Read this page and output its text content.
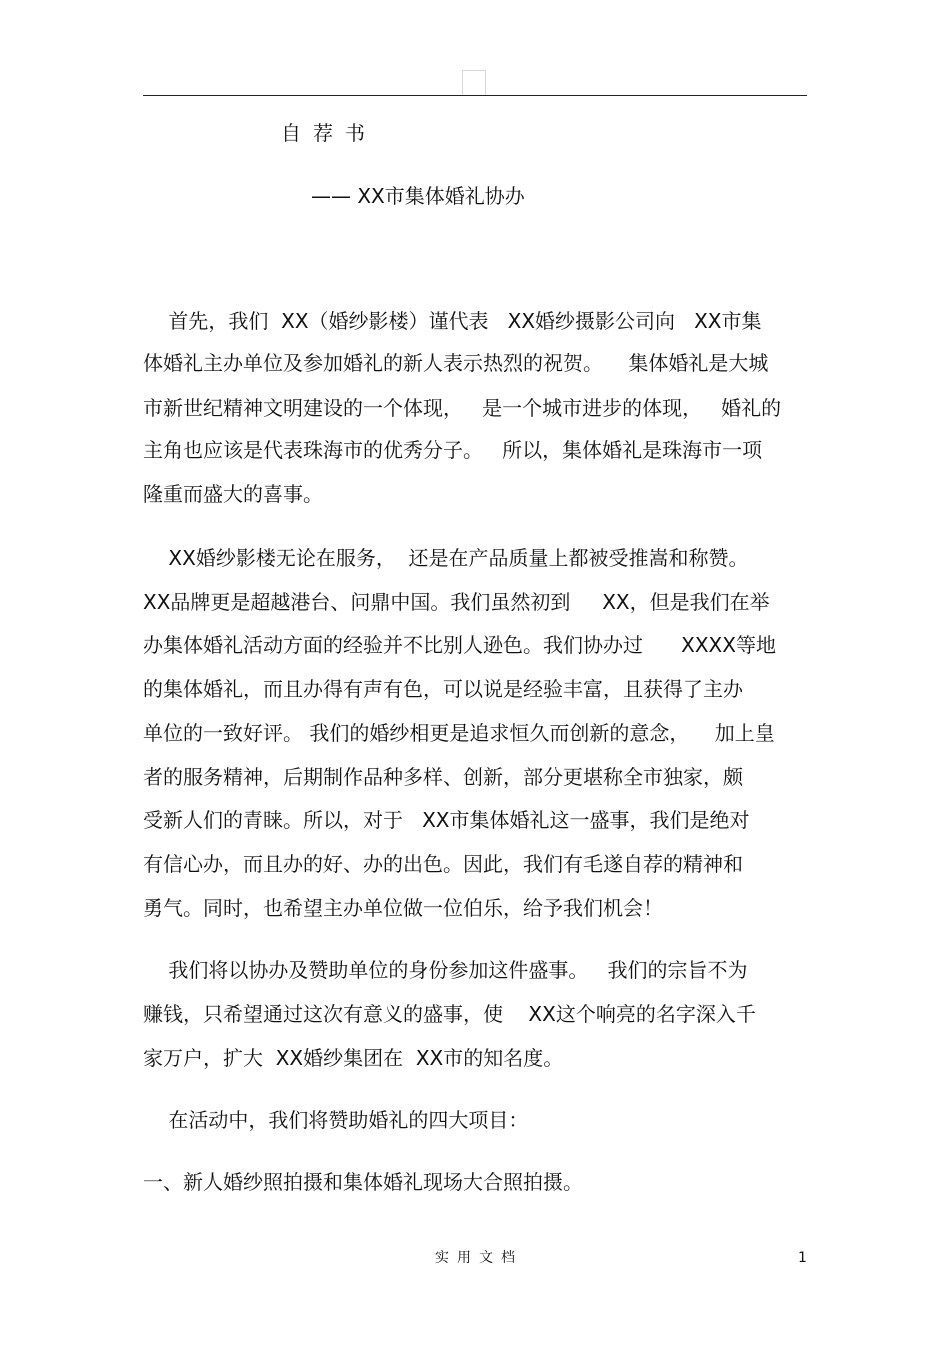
自荐书
—— XX市集体婚礼协办
首先，我们  XX（婚纱影楼）谨代表   XX婚纱摄影公司向   XX市集
体婚礼主办单位及参加婚礼的新人表示热烈的祝贺。    集体婚礼是大城
市新世纪精神文明建设的一个体现，   是一个城市进步的体现，   婚礼的
主角也应该是代表珠海市的优秀分子。   所以，集体婚礼是珠海市一项
隆重而盛大的喜事。
XX婚纱影楼无论在服务，  还是在产品质量上都被受推嵩和称赞。
XX品牌更是超越港台、问鼎中国。我们虽然初到     XX，但是我们在举
办集体婚礼活动方面的经验并不比别人逊色。我们协办过      XXXX等地
的集体婚礼，而且办得有声有色，可以说是经验丰富，且获得了主办
单位的一致好评。 我们的婚纱相更是追求恒久而创新的意念，    加上皇
者的服务精神，后期制作品种多样、创新，部分更堪称全市独家，颇
受新人们的青睐。所以，对于   XX市集体婚礼这一盛事，我们是绝对
有信心办，而且办的好、办的出色。因此，我们有毛遂自荐的精神和
勇气。同时，也希望主办单位做一位伯乐，给予我们机会！
我们将以协办及赞助单位的身份参加这件盛事。   我们的宗旨不为
赚钱，只希望通过这次有意义的盛事，使    XX这个响亮的名字深入千
家万户，扩大  XX婚纱集团在  XX市的知名度。
在活动中，我们将赞助婚礼的四大项目：
一、新人婚纱照拍摄和集体婚礼现场大合照拍摄。
实用文档	1
